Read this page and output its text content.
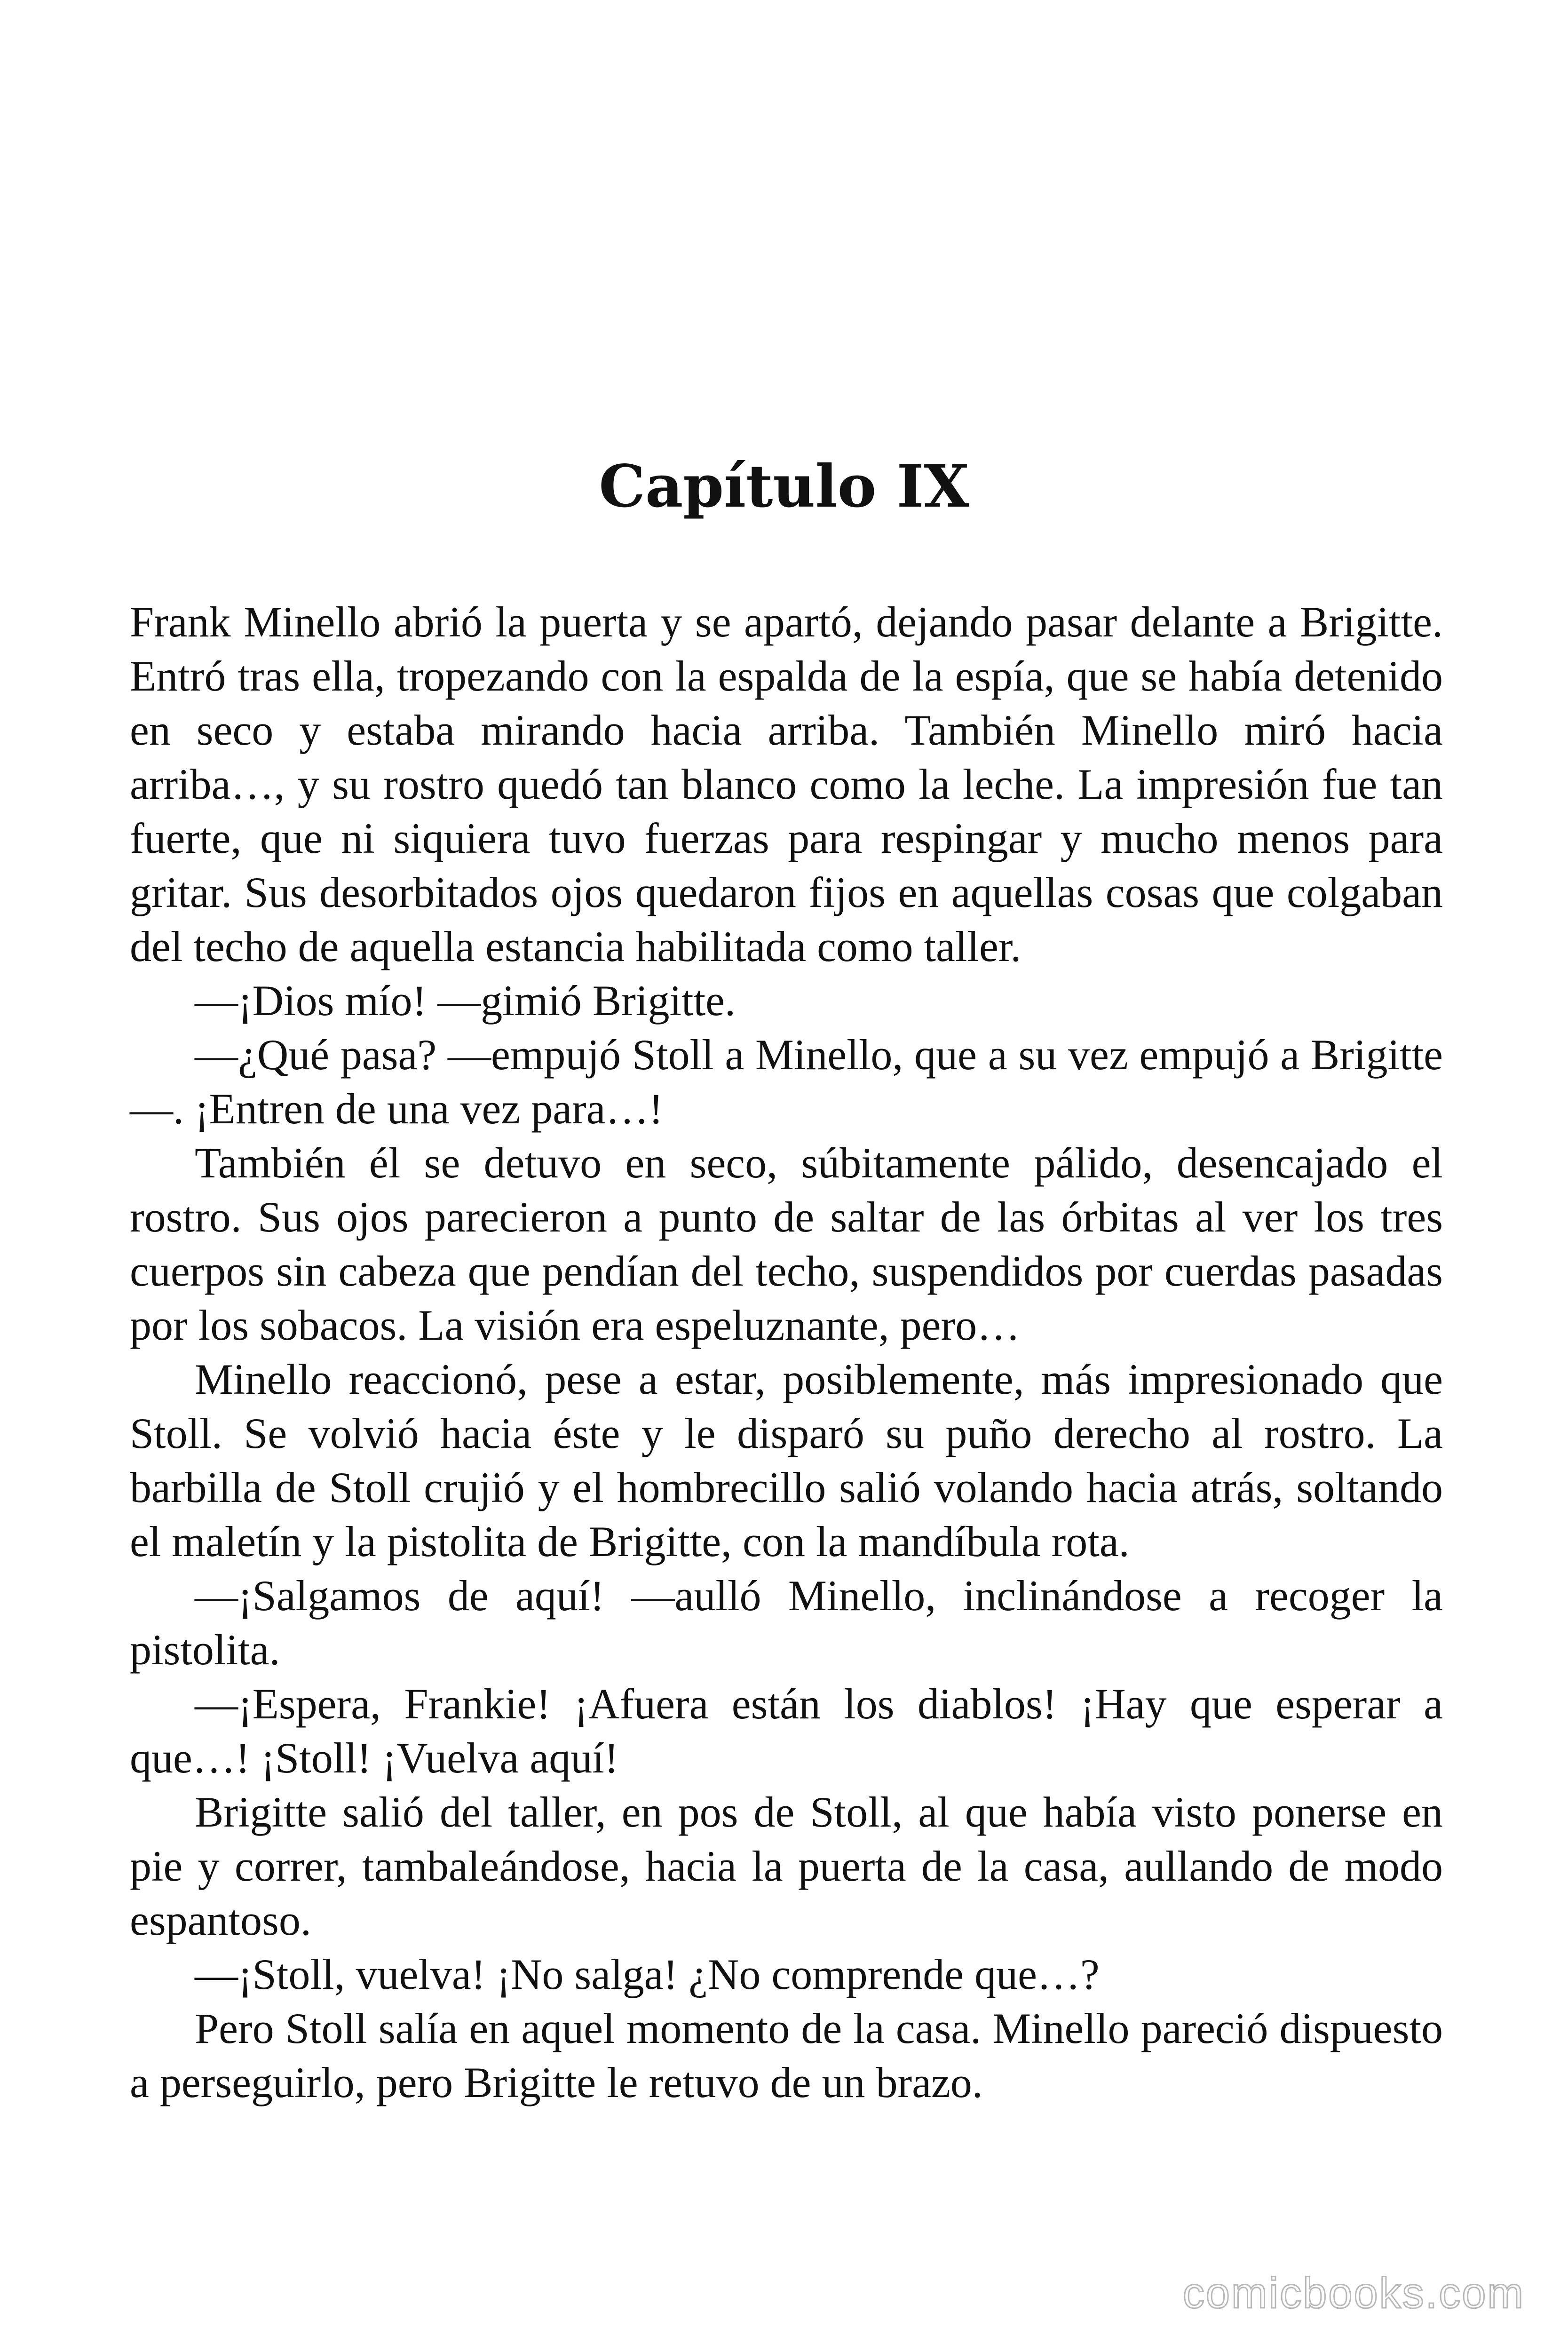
Capítulo IX

Frank Minello abrió la puerta y se apartó, dejando pasar delante a Brigitte. Entró tras ella, tropezando con la espalda de la espía, que se había detenido en seco y estaba mirando hacia arriba. También Minello miró hacia arriba…, y su rostro quedó tan blanco como la leche. La impresión fue tan fuerte, que ni siquiera tuvo fuerzas para respingar y mucho menos para gritar. Sus desorbitados ojos quedaron fijos en aquellas cosas que colgaban del techo de aquella estancia habilitada como taller.

—¡Dios mío! —gimió Brigitte.

—¿Qué pasa? —empujó Stoll a Minello, que a su vez empujó a Brigitte—. ¡Entren de una vez para…!

También él se detuvo en seco, súbitamente pálido, desencajado el rostro. Sus ojos parecieron a punto de saltar de las órbitas al ver los tres cuerpos sin cabeza que pendían del techo, suspendidos por cuerdas pasadas por los sobacos. La visión era espeluznante, pero…

Minello reaccionó, pese a estar, posiblemente, más impresionado que Stoll. Se volvió hacia éste y le disparó su puño derecho al rostro. La barbilla de Stoll crujió y el hombrecillo salió volando hacia atrás, soltando el maletín y la pistolita de Brigitte, con la mandíbula rota.

—¡Salgamos de aquí! —aulló Minello, inclinándose a recoger la pistolita.

—¡Espera, Frankie! ¡Afuera están los diablos! ¡Hay que esperar a que…! ¡Stoll! ¡Vuelva aquí!

Brigitte salió del taller, en pos de Stoll, al que había visto ponerse en pie y correr, tambaleándose, hacia la puerta de la casa, aullando de modo espantoso.

—¡Stoll, vuelva! ¡No salga! ¿No comprende que…?

Pero Stoll salía en aquel momento de la casa. Minello pareció dispuesto a perseguirlo, pero Brigitte le retuvo de un brazo.

comicbooks.com
